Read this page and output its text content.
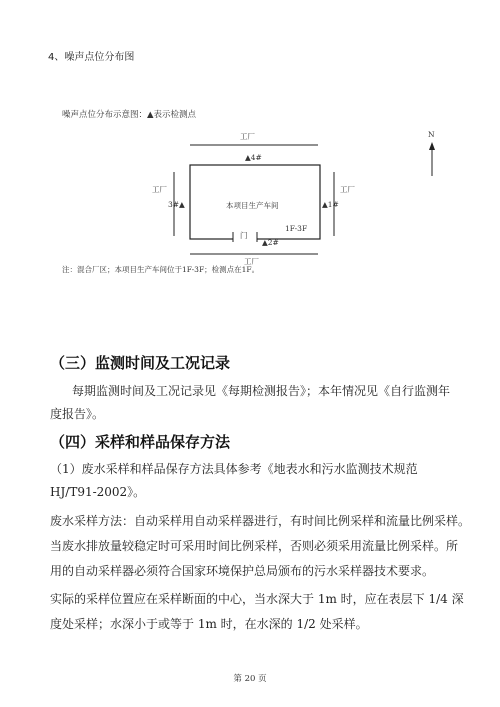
4、噪声点位分布图
噪声点位分布示意图：▲表示检测点
工厂
▲4#
工厂	工厂
3#▲	本项目生产车间	▲1#
1F-3F
门
▲2#
工厂
N
注：混合厂区；本项目生产车间位于1F-3F；检测点在1F。
（三）监测时间及工况记录
每期监测时间及工况记录见《每期检测报告》；本年情况见《自行监测年
度报告》。
（四）采样和样品保存方法
（1）废水采样和样品保存方法具体参考《地表水和污水监测技术规范
HJ/T91-2002》。
废水采样方法：自动采样用自动采样器进行，有时间比例采样和流量比例采样。
当废水排放量较稳定时可采用时间比例采样，否则必须采用流量比例采样。所
用的自动采样器必须符合国家环境保护总局颁布的污水采样器技术要求。
实际的采样位置应在采样断面的中心，当水深大于 1m 时，应在表层下 1/4 深
度处采样；水深小于或等于 1m 时，在水深的 1/2 处采样。
第 20 页
